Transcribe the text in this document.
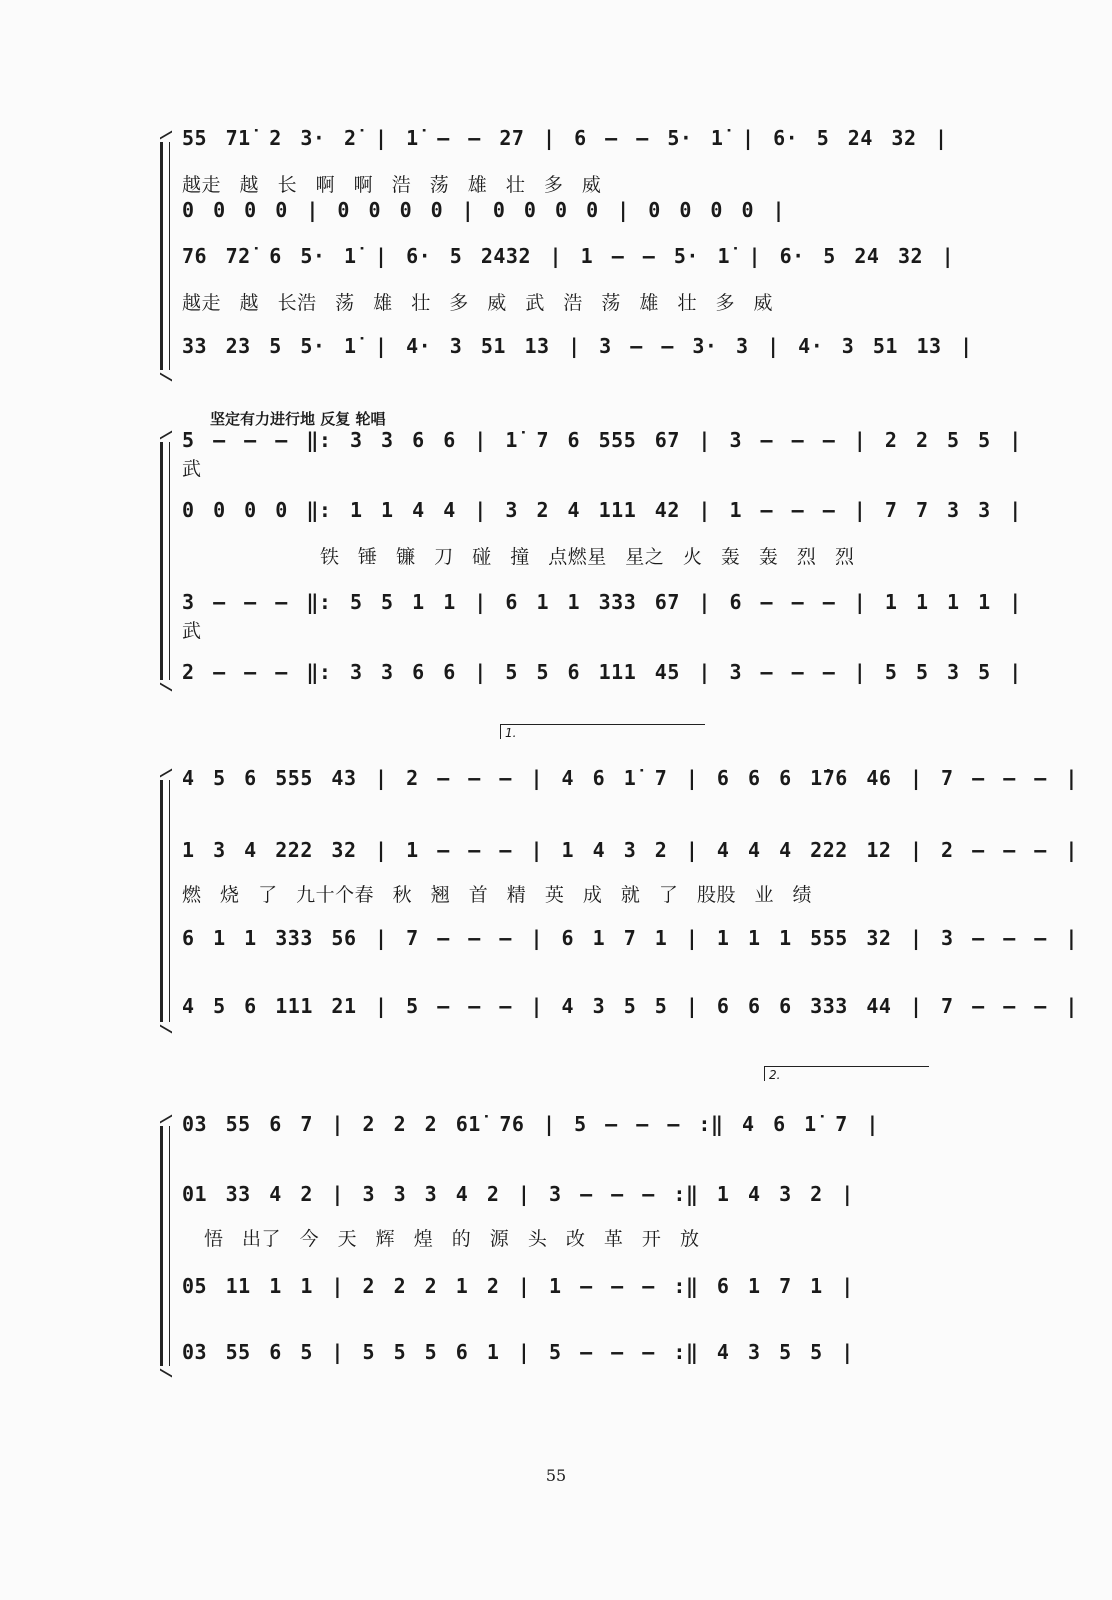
55 71̇ 2 3· 2̇ | 1̇ – – 27 | 6 – – 5· 1̇ | 6· 5 24 32 |
越走 越 长 啊 啊 浩 荡 雄 壮 多 威
0 0 0 0 | 0 0 0 0 | 0 0 0 0 | 0 0 0 0 |
76 72̇ 6 5· 1̇ | 6· 5 2432 | 1 – – 5· 1̇ | 6· 5 24 32 |
越走 越 长浩 荡 雄 壮 多 威 武 浩 荡 雄 壮 多 威
33 23 5 5· 1̇ | 4· 3 51 13 | 3 – – 3· 3 | 4· 3 51 13 |
坚定有力进行地 反复 轮唱
5 – – – ‖: 3 3 6 6 | 1̇ 7 6 555 67 | 3 – – – | 2 2 5 5 |
武
0 0 0 0 ‖: 1 1 4 4 | 3 2 4 111 42 | 1 – – – | 7 7 3 3 |
铁 锤 镰 刀 碰 撞 点燃星 星之 火 轰 轰 烈 烈
3 – – – ‖: 5 5 1 1 | 6 1 1 333 67 | 6 – – – | 1 1 1 1 |
武
2 – – – ‖: 3 3 6 6 | 5 5 6 111 45 | 3 – – – | 5 5 3 5 |
1.
4 5 6 555 43 | 2 – – – | 4 6 1̇ 7 | 6 6 6 1̇76 46 | 7 – – – |
1 3 4 222 32 | 1 – – – | 1 4 3 2 | 4 4 4 222 12 | 2 – – – |
燃 烧 了 九十个春 秋 翘 首 精 英 成 就 了 股股 业 绩
6 1 1 333 56 | 7 – – – | 6 1 7 1 | 1 1 1 555 32 | 3 – – – |
4 5 6 111 21 | 5 – – – | 4 3 5 5 | 6 6 6 333 44 | 7 – – – |
2.
03 55 6 7 | 2 2 2 61̇ 76 | 5 – – – :‖ 4 6 1̇ 7 |
01 33 4 2 | 3 3 3 4 2 | 3 – – – :‖ 1 4 3 2 |
悟 出了 今 天 辉 煌 的 源 头 改 革 开 放
05 11 1 1 | 2 2 2 1 2 | 1 – – – :‖ 6 1 7 1 |
03 55 6 5 | 5 5 5 6 1 | 5 – – – :‖ 4 3 5 5 |
55
